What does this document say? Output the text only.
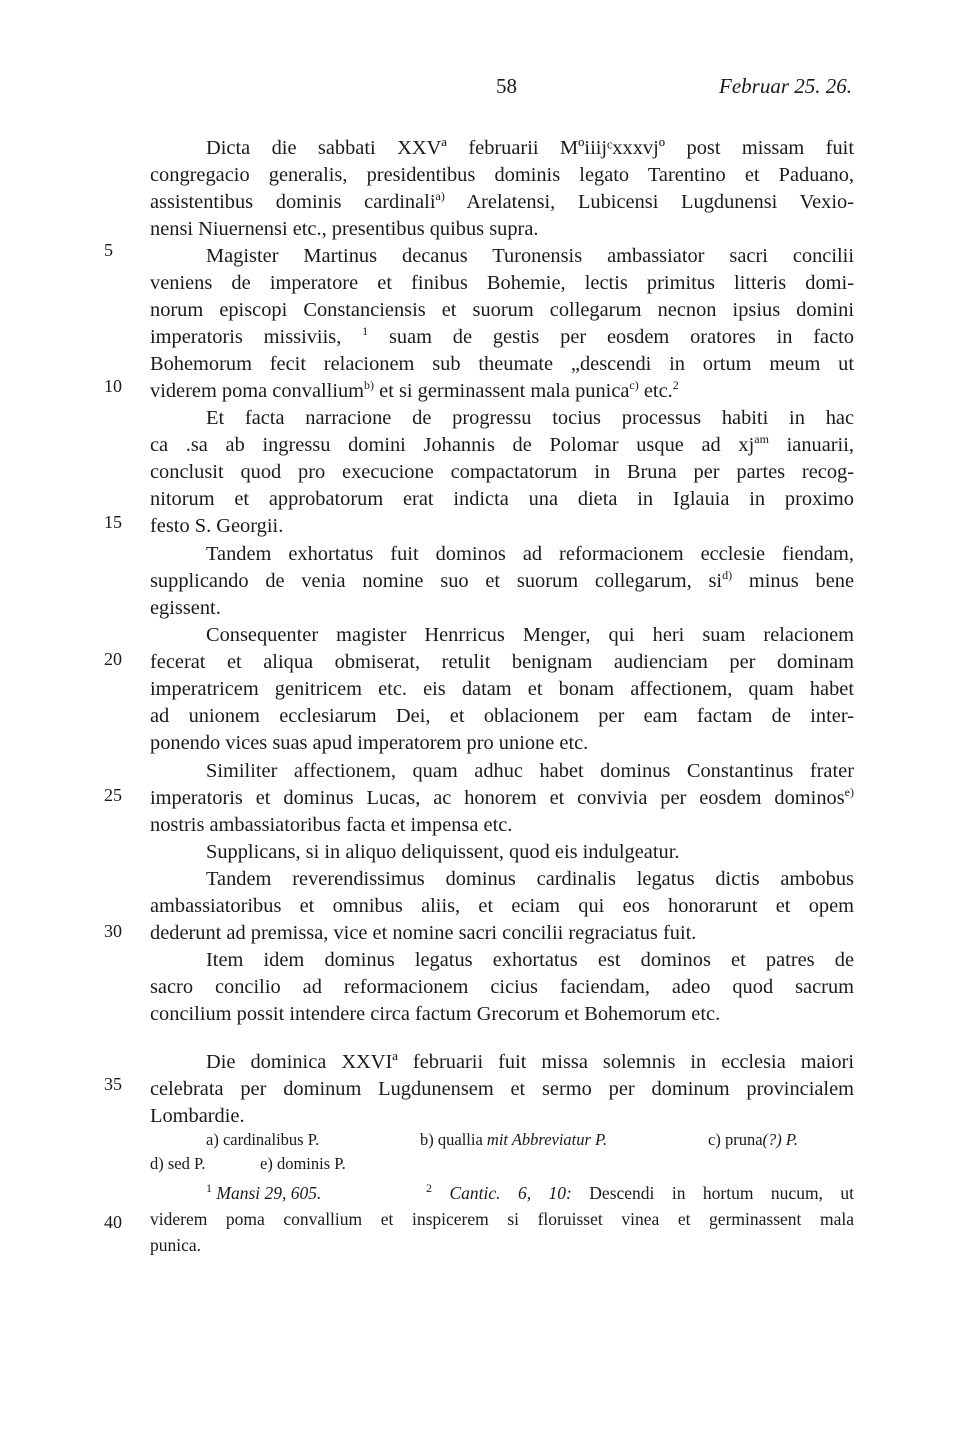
58	Februar 25. 26.
5
10
15
20
25
30
35
40
Dicta die sabbati XXVª februarii Mºiiijᶜxxxvjº post missam fuit
congregacio generalis, presidentibus dominis legato Tarentino et Paduano,
assistentibus dominis cardinali$^{a)}$ Arelatensi, Lubicensi Lugdunensi Vexio-
nensi Niuernensi etc., presentibus quibus supra.
Magister Martinus decanus Turonensis ambassiator sacri concilii
veniens de imperatore et finibus Bohemie, lectis primitus litteris domi-
norum episcopi Constanciensis et suorum collegarum necnon ipsius domini
imperatoris missiviis, $^1$ suam de gestis per eosdem oratores in facto
Bohemorum fecit relacionem sub theumate „descendi in ortum meum ut
viderem poma convallium$^{b)}$ et si germinassent mala punica$^{c)}$ etc.$^2$
Et facta narracione de progressu tocius processus habiti in hac
ca .sa ab ingressu domini Johannis de Polomar usque ad $xj^{am}$ ianuarii,
conclusit quod pro execucione compactatorum in Bruna per partes recog-
nitorum et approbatorum erat indicta una dieta in Iglauia in proximo
festo S. Georgii.
Tandem exhortatus fuit dominos ad reformacionem ecclesie fiendam,
supplicando de venia nomine suo et suorum collegarum, $si^{d)}$ minus bene
egissent.
Consequenter magister Henrricus Menger, qui heri suam relacionem
fecerat et aliqua obmiserat, retulit benignam audienciam per dominam
imperatricem genitricem etc. eis datam et bonam affectionem, quam habet
ad unionem ecclesiarum Dei, et oblacionem per eam factam de inter-
ponendo vices suas apud imperatorem pro unione etc.
Similiter affectionem, quam adhuc habet dominus Constantinus frater
imperatoris et dominus Lucas, ac honorem et convivia per eosdem dominos$^{e)}$
nostris ambassiatoribus facta et impensa etc.
Supplicans, si in aliquo deliquissent, quod eis indulgeatur.
Tandem reverendissimus dominus cardinalis legatus dictis ambobus
ambassiatoribus et omnibus aliis, et eciam qui eos honorarunt et opem
dederunt ad premissa, vice et nomine sacri concilii regraciatus fuit.
Item idem dominus legatus exhortatus est dominos et patres de
sacro concilio ad reformacionem cicius faciendam, adeo quod sacrum
concilium possit intendere circa factum Grecorum et Bohemorum etc.
Die dominica XXVIª februarii fuit missa solemnis in ecclesia maiori
celebrata per dominum Lugdunensem et sermo per dominum provincialem
Lombardie.
a) cardinalibus P.	b) quallia mit Abbreviatur P.	c) pruna(?) P.
d) sed P.	e) dominis P.
$^1$ Mansi 29, 605.	$^2$ Cantic. 6, 10: Descendi in hortum nucum, ut
viderem poma convallium et inspicerem si floruisset vinea et germinassent mala
punica.
